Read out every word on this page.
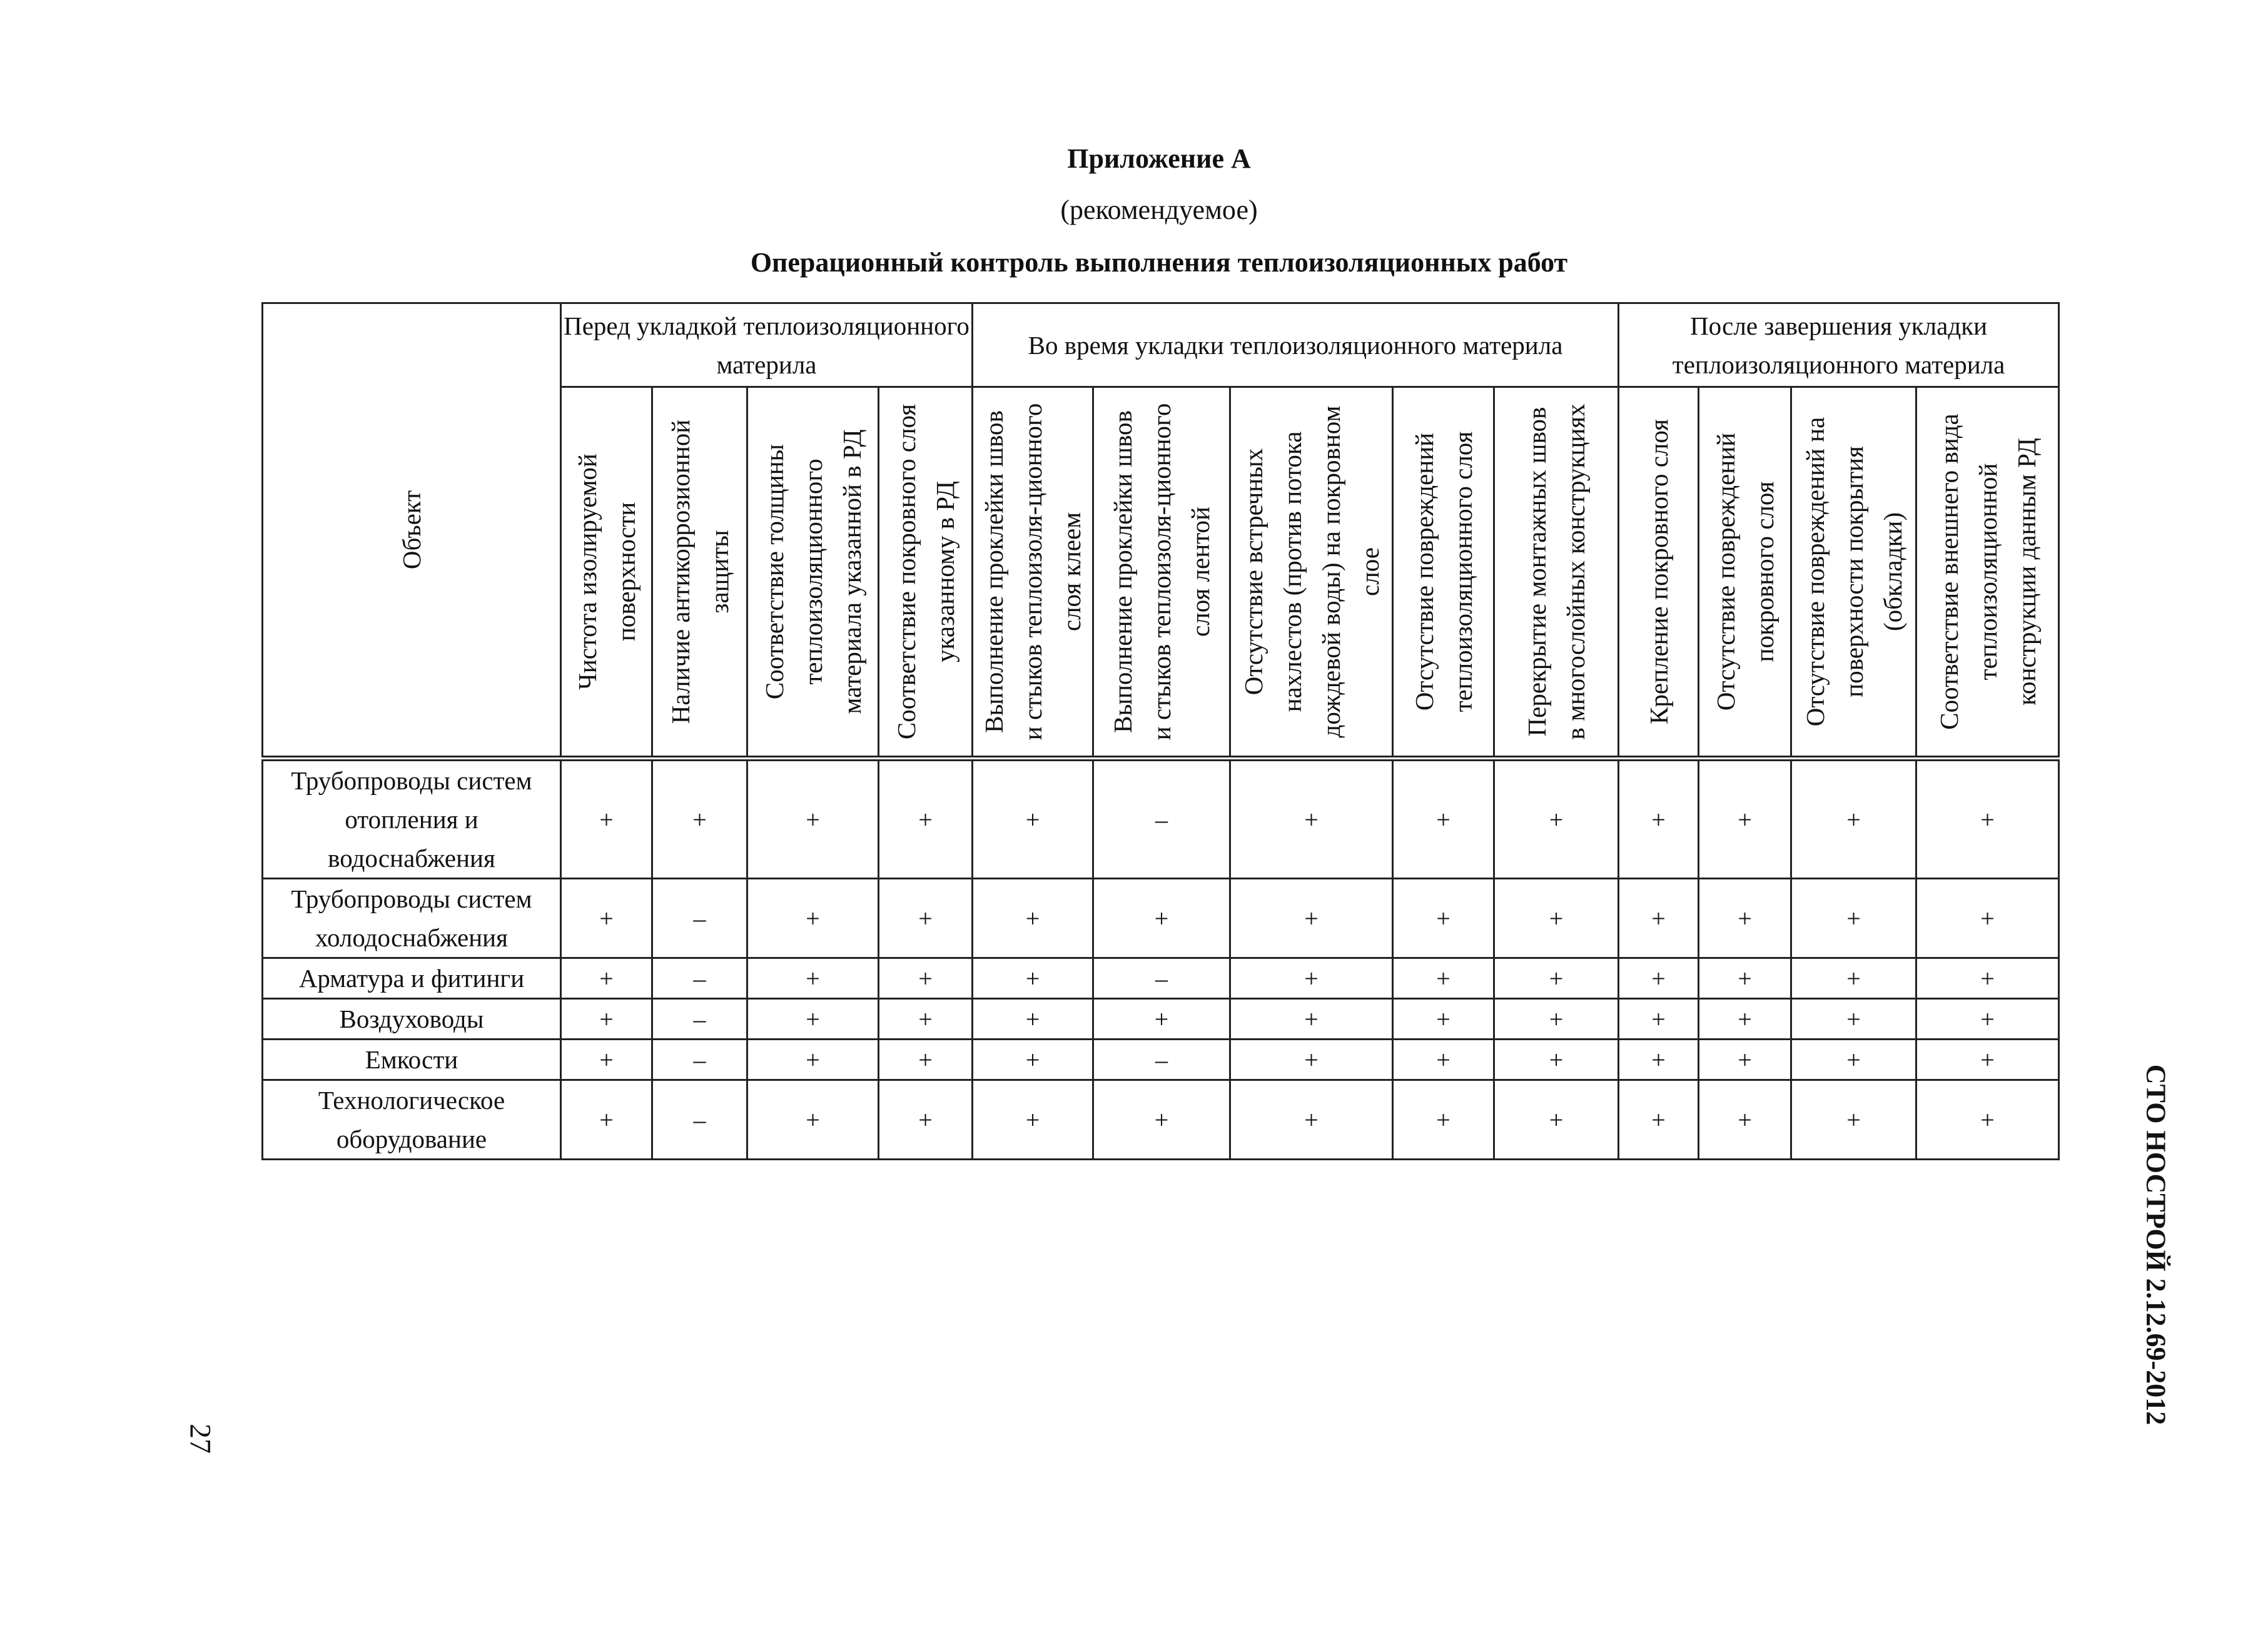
Приложение А
(рекомендуемое)
Операционный контроль выполнения теплоизоляционных работ
Объект	Перед укладкой теплоизоляционного материла				Во время укладки теплоизоляционного материла					После завершения укладки теплоизоляционного материла			

	Чистота изолируемой поверхности	Наличие антикоррозионной защиты	Соответствие толщины теплоизоляционного материала указанной в РД	Соответствие покровного слоя указанному в РД	Выполнение проклейки швов и стыков теплоизоля-ционного слоя клеем	Выполнение проклейки швов и стыков теплоизоля-ционного слоя лентой	Отсутствие встречных нахлестов (против потока дождевой воды) на покровном слое	Отсутствие повреждений теплоизоляционного слоя	Перекрытие монтажных швов в многослойных конструкциях	Крепление покровного слоя	Отсутствие повреждений покровного слоя	Отсутствие повреждений на поверхности покрытия (обкладки)	Соответствие внешнего вида теплоизоляционной конструкции данным РД

Трубопроводы систем отопления и водоснабжения	+	+	+	+	+	–	+	+	+	+	+	+	+
Трубопроводы систем холодоснабжения	+	–	+	+	+	+	+	+	+	+	+	+	+
Арматура и фитинги	+	–	+	+	+	–	+	+	+	+	+	+	+
Воздуховоды	+	–	+	+	+	+	+	+	+	+	+	+	+
Емкости	+	–	+	+	+	–	+	+	+	+	+	+	+
Технологическое оборудование	+	–	+	+	+	+	+	+	+	+	+	+	+	СТО НОСТРОЙ 2.12.69-2012
27
